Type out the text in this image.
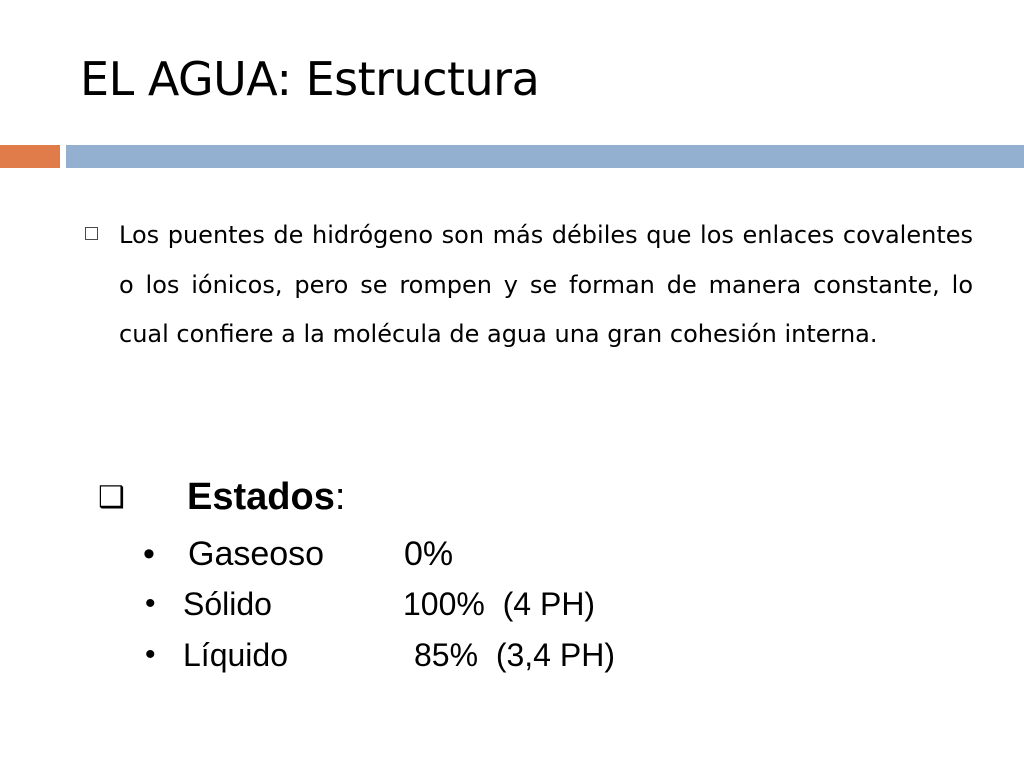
EL AGUA: Estructura
Los puentes de hidrógeno son más débiles que los enlaces covalentes o los iónicos, pero se rompen y se forman de manera constante, lo cual confiere a la molécula de agua una gran cohesión interna.
❑ Estados :
• Gaseoso 0%
• Sólido	100%  (4 PH)
• Líquido	85%  (3,4 PH)
